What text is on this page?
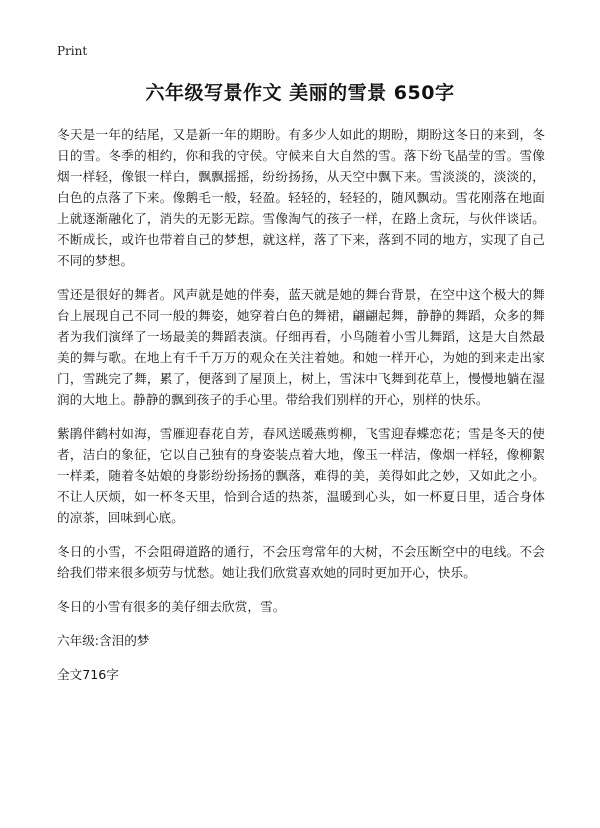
Print
六年级写景作文 美丽的雪景 650字

冬天是一年的结尾，又是新一年的期盼。有多少人如此的期盼，期盼这冬日的来到，冬日的雪。冬季的相约，你和我的守侯。守候来自大自然的雪。落下纷飞晶莹的雪。雪像烟一样轻，像银一样白，飘飘摇摇，纷纷扬扬，从天空中飘下来。雪淡淡的，淡淡的，白色的点落了下来。像鹅毛一般，轻盈。轻轻的，轻轻的，随风飘动。雪花刚落在地面上就逐渐融化了，消失的无影无踪。雪像淘气的孩子一样，在路上贪玩，与伙伴谈话。不断成长，或许也带着自己的梦想，就这样，落了下来，落到不同的地方，实现了自己不同的梦想。

雪还是很好的舞者。风声就是她的伴奏，蓝天就是她的舞台背景，在空中这个极大的舞台上展现自己不同一般的舞姿，她穿着白色的舞裙，翩翩起舞，静静的舞蹈，众多的舞者为我们演绎了一场最美的舞蹈表演。仔细再看，小鸟随着小雪儿舞蹈，这是大自然最美的舞与歌。在地上有千千万万的观众在关注着她。和她一样开心，为她的到来走出家门，雪跳完了舞，累了，便落到了屋顶上，树上，雪沫中飞舞到花草上，慢慢地躺在湿润的大地上。静静的飘到孩子的手心里。带给我们别样的开心，别样的快乐。

紫鹃伴鹤村如海，雪雁迎春花自芳，春风送暖燕剪柳，飞雪迎春蝶恋花；雪是冬天的使者，洁白的象征，它以自己独有的身姿装点着大地，像玉一样洁，像烟一样轻，像柳絮一样柔，随着冬姑娘的身影纷纷扬扬的飘落，难得的美，美得如此之妙，又如此之小。不让人厌烦，如一杯冬天里，恰到合适的热茶，温暖到心头，如一杯夏日里，适合身体的凉茶，回味到心底。

冬日的小雪，不会阻碍道路的通行，不会压弯常年的大树，不会压断空中的电线。不会给我们带来很多烦劳与忧愁。她让我们欣赏喜欢她的同时更加开心，快乐。

冬日的小雪有很多的美仔细去欣赏，雪。

六年级:含泪的梦
全文716字
